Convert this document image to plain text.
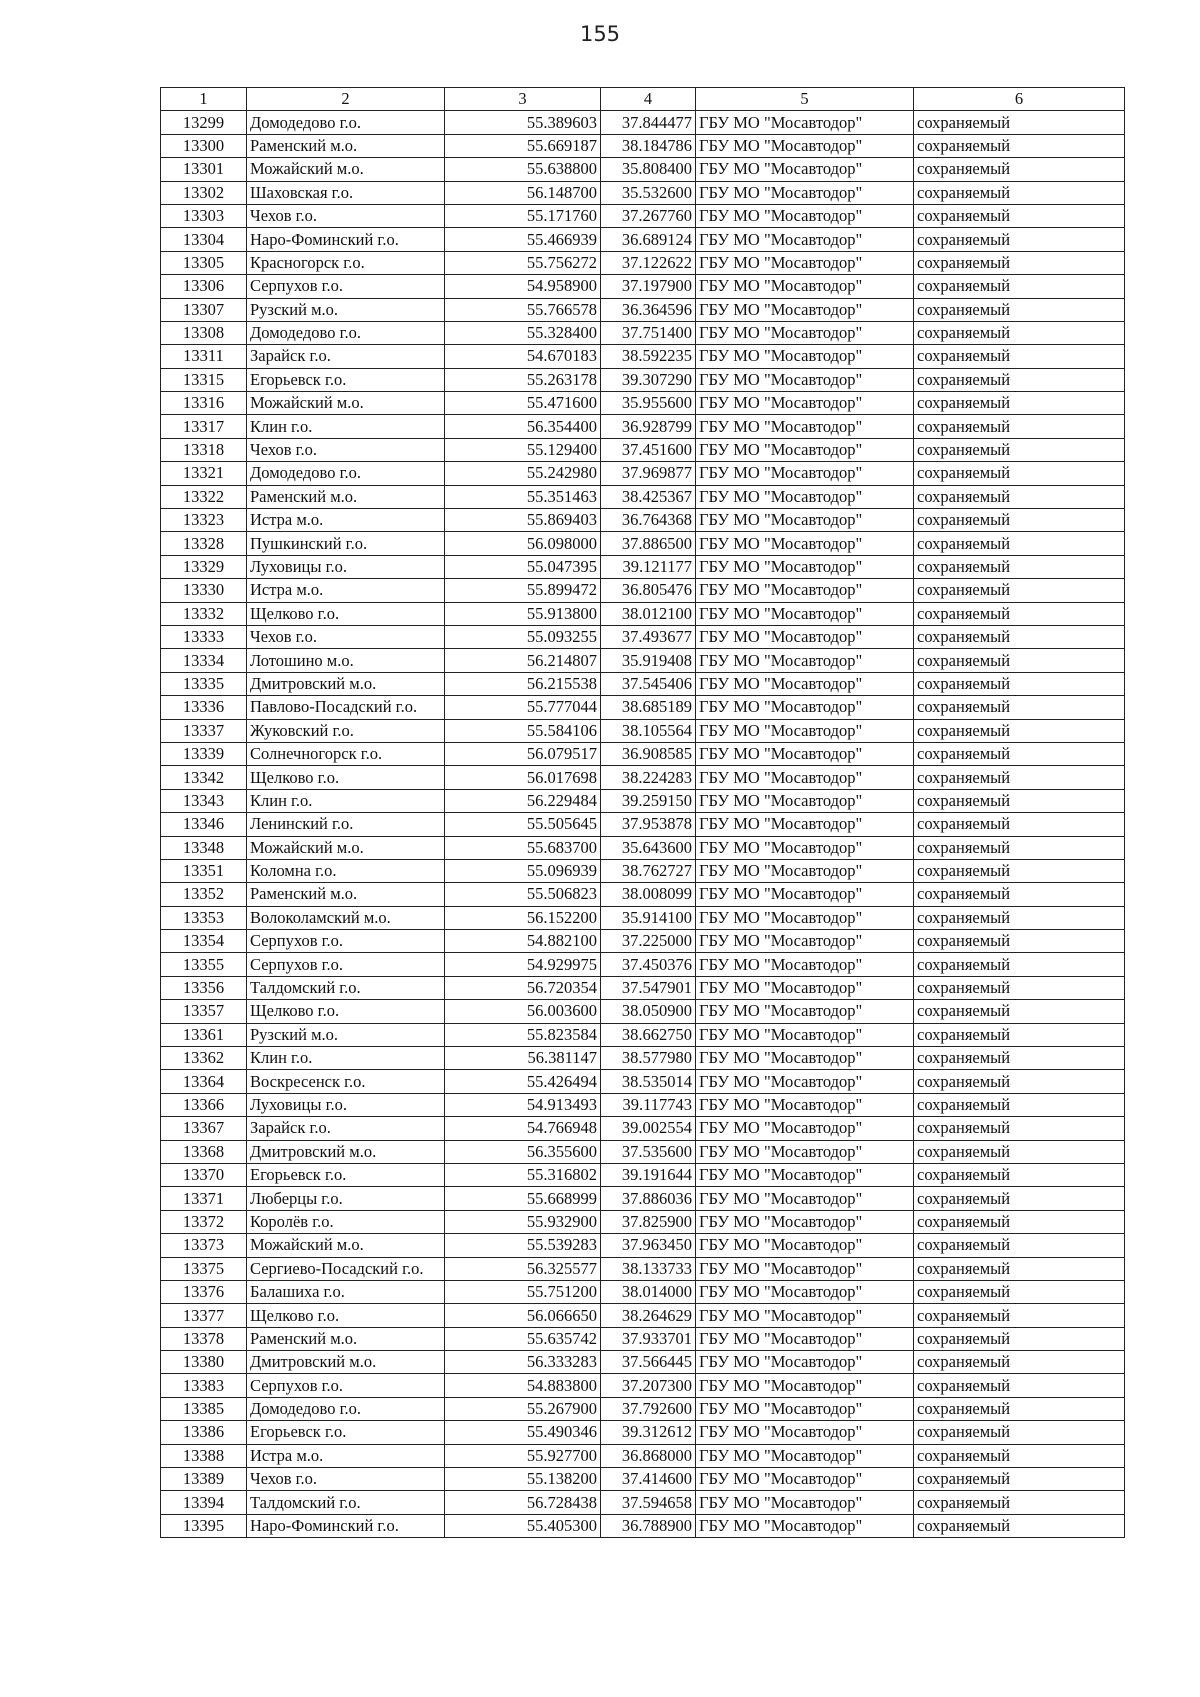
155
1	2	3	4	5	6
13299	Домодедово г.о.	55.389603	37.844477	ГБУ МО "Мосавтодор"	сохраняемый
13300	Раменский м.о.	55.669187	38.184786	ГБУ МО "Мосавтодор"	сохраняемый
13301	Можайский м.о.	55.638800	35.808400	ГБУ МО "Мосавтодор"	сохраняемый
13302	Шаховская г.о.	56.148700	35.532600	ГБУ МО "Мосавтодор"	сохраняемый
13303	Чехов г.о.	55.171760	37.267760	ГБУ МО "Мосавтодор"	сохраняемый
13304	Наро-Фоминский г.о.	55.466939	36.689124	ГБУ МО "Мосавтодор"	сохраняемый
13305	Красногорск г.о.	55.756272	37.122622	ГБУ МО "Мосавтодор"	сохраняемый
13306	Серпухов г.о.	54.958900	37.197900	ГБУ МО "Мосавтодор"	сохраняемый
13307	Рузский м.о.	55.766578	36.364596	ГБУ МО "Мосавтодор"	сохраняемый
13308	Домодедово г.о.	55.328400	37.751400	ГБУ МО "Мосавтодор"	сохраняемый
13311	Зарайск г.о.	54.670183	38.592235	ГБУ МО "Мосавтодор"	сохраняемый
13315	Егорьевск г.о.	55.263178	39.307290	ГБУ МО "Мосавтодор"	сохраняемый
13316	Можайский м.о.	55.471600	35.955600	ГБУ МО "Мосавтодор"	сохраняемый
13317	Клин г.о.	56.354400	36.928799	ГБУ МО "Мосавтодор"	сохраняемый
13318	Чехов г.о.	55.129400	37.451600	ГБУ МО "Мосавтодор"	сохраняемый
13321	Домодедово г.о.	55.242980	37.969877	ГБУ МО "Мосавтодор"	сохраняемый
13322	Раменский м.о.	55.351463	38.425367	ГБУ МО "Мосавтодор"	сохраняемый
13323	Истра м.о.	55.869403	36.764368	ГБУ МО "Мосавтодор"	сохраняемый
13328	Пушкинский г.о.	56.098000	37.886500	ГБУ МО "Мосавтодор"	сохраняемый
13329	Луховицы г.о.	55.047395	39.121177	ГБУ МО "Мосавтодор"	сохраняемый
13330	Истра м.о.	55.899472	36.805476	ГБУ МО "Мосавтодор"	сохраняемый
13332	Щелково г.о.	55.913800	38.012100	ГБУ МО "Мосавтодор"	сохраняемый
13333	Чехов г.о.	55.093255	37.493677	ГБУ МО "Мосавтодор"	сохраняемый
13334	Лотошино м.о.	56.214807	35.919408	ГБУ МО "Мосавтодор"	сохраняемый
13335	Дмитровский м.о.	56.215538	37.545406	ГБУ МО "Мосавтодор"	сохраняемый
13336	Павлово-Посадский г.о.	55.777044	38.685189	ГБУ МО "Мосавтодор"	сохраняемый
13337	Жуковский г.о.	55.584106	38.105564	ГБУ МО "Мосавтодор"	сохраняемый
13339	Солнечногорск г.о.	56.079517	36.908585	ГБУ МО "Мосавтодор"	сохраняемый
13342	Щелково г.о.	56.017698	38.224283	ГБУ МО "Мосавтодор"	сохраняемый
13343	Клин г.о.	56.229484	39.259150	ГБУ МО "Мосавтодор"	сохраняемый
13346	Ленинский г.о.	55.505645	37.953878	ГБУ МО "Мосавтодор"	сохраняемый
13348	Можайский м.о.	55.683700	35.643600	ГБУ МО "Мосавтодор"	сохраняемый
13351	Коломна г.о.	55.096939	38.762727	ГБУ МО "Мосавтодор"	сохраняемый
13352	Раменский м.о.	55.506823	38.008099	ГБУ МО "Мосавтодор"	сохраняемый
13353	Волоколамский м.о.	56.152200	35.914100	ГБУ МО "Мосавтодор"	сохраняемый
13354	Серпухов г.о.	54.882100	37.225000	ГБУ МО "Мосавтодор"	сохраняемый
13355	Серпухов г.о.	54.929975	37.450376	ГБУ МО "Мосавтодор"	сохраняемый
13356	Талдомский г.о.	56.720354	37.547901	ГБУ МО "Мосавтодор"	сохраняемый
13357	Щелково г.о.	56.003600	38.050900	ГБУ МО "Мосавтодор"	сохраняемый
13361	Рузский м.о.	55.823584	38.662750	ГБУ МО "Мосавтодор"	сохраняемый
13362	Клин г.о.	56.381147	38.577980	ГБУ МО "Мосавтодор"	сохраняемый
13364	Воскресенск г.о.	55.426494	38.535014	ГБУ МО "Мосавтодор"	сохраняемый
13366	Луховицы г.о.	54.913493	39.117743	ГБУ МО "Мосавтодор"	сохраняемый
13367	Зарайск г.о.	54.766948	39.002554	ГБУ МО "Мосавтодор"	сохраняемый
13368	Дмитровский м.о.	56.355600	37.535600	ГБУ МО "Мосавтодор"	сохраняемый
13370	Егорьевск г.о.	55.316802	39.191644	ГБУ МО "Мосавтодор"	сохраняемый
13371	Люберцы г.о.	55.668999	37.886036	ГБУ МО "Мосавтодор"	сохраняемый
13372	Королёв г.о.	55.932900	37.825900	ГБУ МО "Мосавтодор"	сохраняемый
13373	Можайский м.о.	55.539283	37.963450	ГБУ МО "Мосавтодор"	сохраняемый
13375	Сергиево-Посадский г.о.	56.325577	38.133733	ГБУ МО "Мосавтодор"	сохраняемый
13376	Балашиха г.о.	55.751200	38.014000	ГБУ МО "Мосавтодор"	сохраняемый
13377	Щелково г.о.	56.066650	38.264629	ГБУ МО "Мосавтодор"	сохраняемый
13378	Раменский м.о.	55.635742	37.933701	ГБУ МО "Мосавтодор"	сохраняемый
13380	Дмитровский м.о.	56.333283	37.566445	ГБУ МО "Мосавтодор"	сохраняемый
13383	Серпухов г.о.	54.883800	37.207300	ГБУ МО "Мосавтодор"	сохраняемый
13385	Домодедово г.о.	55.267900	37.792600	ГБУ МО "Мосавтодор"	сохраняемый
13386	Егорьевск г.о.	55.490346	39.312612	ГБУ МО "Мосавтодор"	сохраняемый
13388	Истра м.о.	55.927700	36.868000	ГБУ МО "Мосавтодор"	сохраняемый
13389	Чехов г.о.	55.138200	37.414600	ГБУ МО "Мосавтодор"	сохраняемый
13394	Талдомский г.о.	56.728438	37.594658	ГБУ МО "Мосавтодор"	сохраняемый
13395	Наро-Фоминский г.о.	55.405300	36.788900	ГБУ МО "Мосавтодор"	сохраняемый
